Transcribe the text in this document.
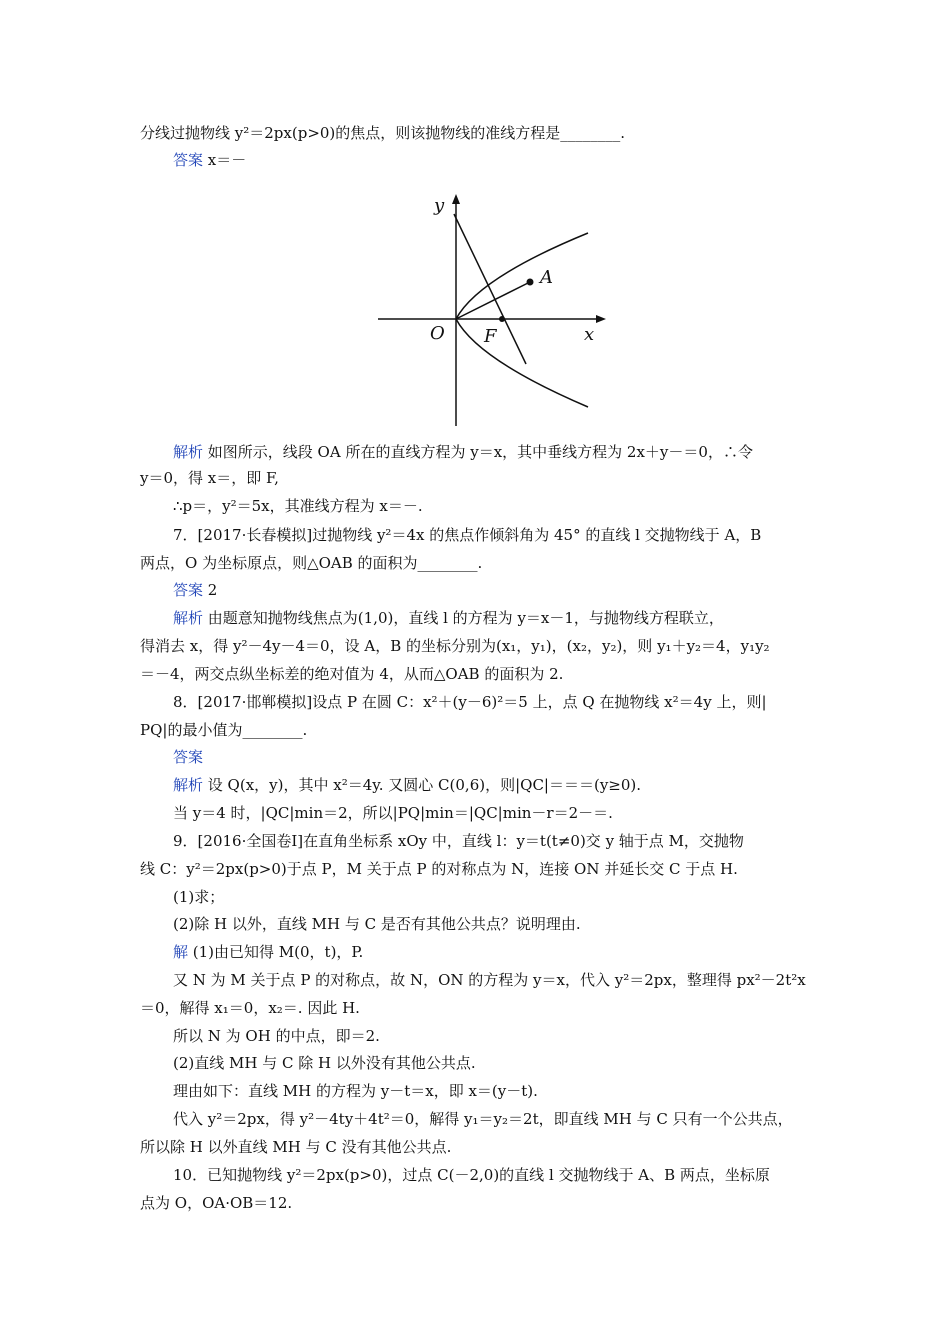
分线过抛物线 y²＝2px(p>0)的焦点，则该抛物线的准线方程是________.
答案 x＝－
y
x
O F
A
解析 如图所示，线段 OA 所在的直线方程为 y＝x，其中垂线方程为 2x＋y－＝0，∴令
y＝0，得 x＝，即 F,
∴p＝，y²＝5x，其准线方程为 x＝－.
7．[2017·长春模拟]过抛物线 y²＝4x 的焦点作倾斜角为 45° 的直线 l 交抛物线于 A，B
两点，O 为坐标原点，则△OAB 的面积为________.
答案 2
解析 由题意知抛物线焦点为(1,0)，直线 l 的方程为 y＝x－1，与抛物线方程联立，
得消去 x，得 y²－4y－4＝0，设 A，B 的坐标分别为(x₁，y₁)，(x₂，y₂)，则 y₁＋y₂＝4，y₁y₂
＝－4，两交点纵坐标差的绝对值为 4，从而△OAB 的面积为 2.
8．[2017·邯郸模拟]设点 P 在圆 C：x²＋(y－6)²＝5 上，点 Q 在抛物线 x²＝4y 上，则|
PQ|的最小值为________.
答案
解析 设 Q(x，y)，其中 x²＝4y. 又圆心 C(0,6)，则|QC|＝＝＝(y≥0).
当 y＝4 时，|QC|min＝2，所以|PQ|min＝|QC|min－r＝2－＝.
9．[2016·全国卷Ⅰ]在直角坐标系 xOy 中，直线 l：y＝t(t≠0)交 y 轴于点 M，交抛物
线 C：y²＝2px(p>0)于点 P，M 关于点 P 的对称点为 N，连接 ON 并延长交 C 于点 H.
(1)求；
(2)除 H 以外，直线 MH 与 C 是否有其他公共点？说明理由.
解 (1)由已知得 M(0，t)，P.
又 N 为 M 关于点 P 的对称点，故 N，ON 的方程为 y＝x，代入 y²＝2px，整理得 px²－2t²x
＝0，解得 x₁＝0，x₂＝. 因此 H.
所以 N 为 OH 的中点，即＝2.
(2)直线 MH 与 C 除 H 以外没有其他公共点.
理由如下：直线 MH 的方程为 y－t＝x，即 x＝(y－t).
代入 y²＝2px，得 y²－4ty＋4t²＝0，解得 y₁＝y₂＝2t，即直线 MH 与 C 只有一个公共点，
所以除 H 以外直线 MH 与 C 没有其他公共点.
10．已知抛物线 y²＝2px(p>0)，过点 C(－2,0)的直线 l 交抛物线于 A、B 两点，坐标原
点为 O，OA·OB＝12.
